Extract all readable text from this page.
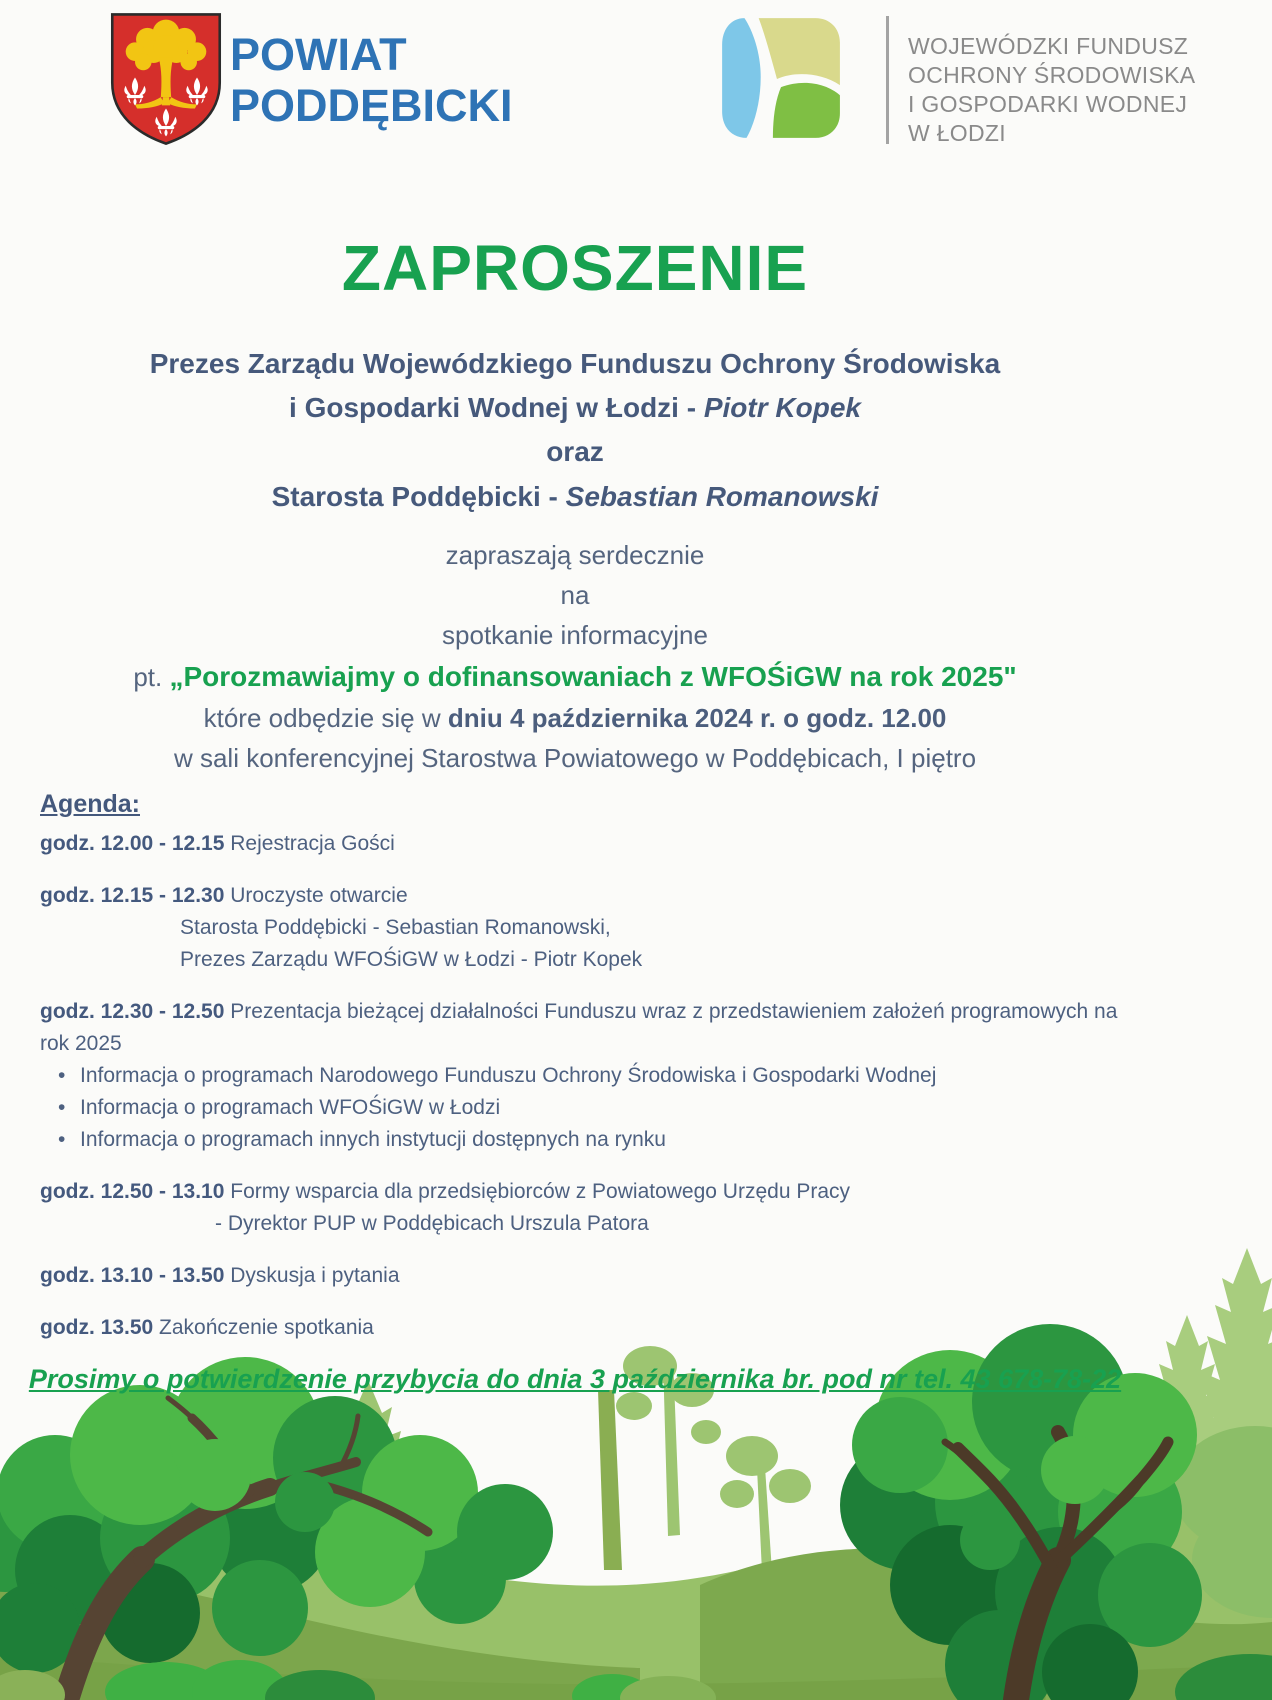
POWIAT
PODDĘBICKI
WOJEWÓDZKI FUNDUSZ
OCHRONY ŚRODOWISKA
I GOSPODARKI WODNEJ
W ŁODZI
ZAPROSZENIE
Prezes Zarządu Wojewódzkiego Funduszu Ochrony Środowiska
i Gospodarki Wodnej w Łodzi - Piotr Kopek
oraz
Starosta Poddębicki - Sebastian Romanowski
zapraszają serdecznie
na
spotkanie informacyjne
pt. „Porozmawiajmy o dofinansowaniach z WFOŚiGW na rok 2025"
które odbędzie się w dniu 4 października 2024 r. o godz. 12.00
w sali konferencyjnej Starostwa Powiatowego w Poddębicach, I piętro
Agenda:
godz. 12.00 - 12.15 Rejestracja Gości
godz. 12.15 - 12.30 Uroczyste otwarcie
Starosta Poddębicki - Sebastian Romanowski,
Prezes Zarządu WFOŚiGW w Łodzi - Piotr Kopek
godz. 12.30 - 12.50 Prezentacja bieżącej działalności Funduszu wraz z przedstawieniem założeń programowych na rok 2025
• Informacja o programach Narodowego Funduszu Ochrony Środowiska i Gospodarki Wodnej
• Informacja o programach WFOŚiGW w Łodzi
• Informacja o programach innych instytucji dostępnych na rynku
godz. 12.50 - 13.10 Formy wsparcia dla przedsiębiorców z Powiatowego Urzędu Pracy
- Dyrektor PUP w Poddębicach Urszula Patora
godz. 13.10 - 13.50 Dyskusja i pytania
godz. 13.50 Zakończenie spotkania
Prosimy o potwierdzenie przybycia do dnia 3 października br. pod nr tel. 43 678-78-22
